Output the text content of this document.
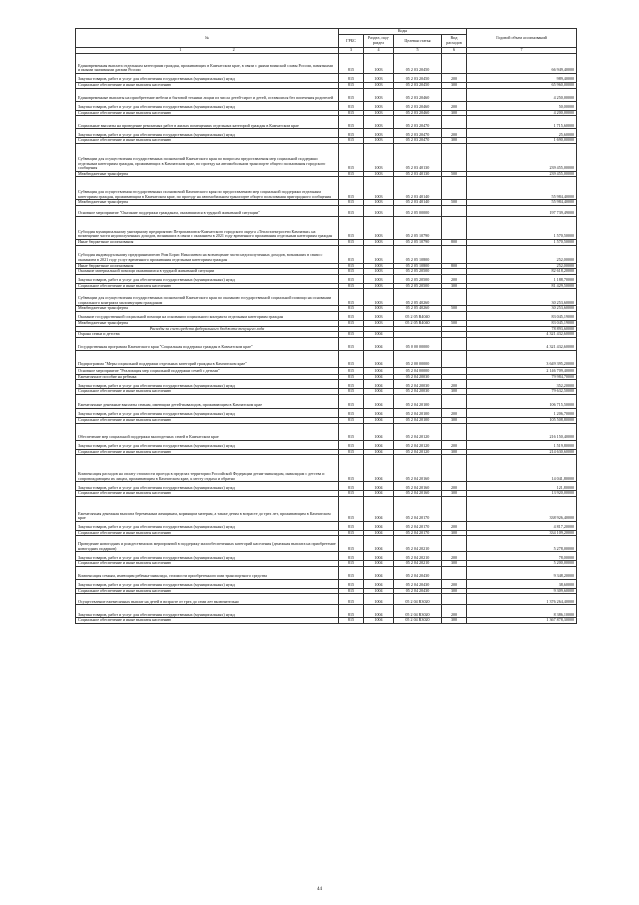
№	Коды				Годовой объем ассигнований
	ГРБС	Раздел, под-раздел	Целевая статья	Вид расходов	
1                                                  2	3	4	5	6	7
Единовременная выплата отдельным категориям граждан, проживающих в Камчатском крае, в связи с днями воинской славы России, памятными и иными значимыми датами России	815	1003	05 2 03 20450		66 949,40000
Закупка товаров, работ и услуг для обеспечения государственных (муниципальных) нужд	815	1003	05 2 03 20450	200	989,40000
Социальное обеспечение и иные выплаты населению	815	1003	05 2 03 20450	300	65 960,00000
Единовременные выплаты на приобретение мебели и бытовой техники лицам из числа детей-сирот и детей, оставшихся без попечения родителей	815	1003	05 2 03 20460		4 250,00000
Закупка товаров, работ и услуг для обеспечения государственных (муниципальных) нужд	815	1003	05 2 03 20460	200	50,00000
Социальное обеспечение и иные выплаты населению	815	1003	05 2 03 20460	300	4 200,00000
Социальные выплаты на проведение ремонтных работ в жилых помещениях отдельных категорий граждан в Камчатском крае	815	1003	05 2 03 20470		1 715,60000
Закупка товаров, работ и услуг для обеспечения государственных (муниципальных) нужд	815	1003	05 2 03 20470	200	25,60000
Социальное обеспечение и иные выплаты населению	815	1003	05 2 03 20470	300	1 690,00000
Субвенции для осуществления государственных полномочий Камчатского края по вопросам предоставления мер социальной поддержки отдельным категориям граждан, проживающих в Камчатском крае, по проезду на автомобильном транспорте общего пользования городского сообщения	815	1003	05 2 03 40130		239 455,00000
Межбюджетные трансферты	815	1003	05 2 03 40130	500	239 455,00000
Субвенция для осуществления государственных полномочий Камчатского края по предоставлению мер социальной поддержки отдельным категориям граждан, проживающим в Камчатском крае, по проезду на автомобильном транспорте общего пользования пригородного сообщения	815	1003	05 2 03 40140		55 984,40000
Межбюджетные трансферты	815	1003	05 2 03 40140	500	55 984,40000
Основное мероприятие "Оказание поддержки гражданам, оказавшимся в трудной жизненной ситуации"	815	1003	05 2 05 00000		197 739,49000
Субсидия муниципальному унитарному предприятию Петропавловск-Камчатского городского округа «Теплоэлектросети Камчатки» на возмещение части недополученных доходов, возникших в связи с оказанием в 2021 году временного проживания отдельным категориям граждан	815	1003	05 2 05 10790		1 570,50000
Иные бюджетные ассигнования	815	1003	05 2 05 10790	800	1 570,50000
Субсидия индивидуальному предпринимателю Рим Борис Николаевич на возмещение части недополученных доходов, возникших в связи с оказанием в 2021 году услуг временного проживания отдельным категориям граждан	815	1003	05 2 05 10800		252,00000
Иные бюджетные ассигнования	815	1003	05 2 05 10800	800	252,00000
Оказание материальной помощи оказавшимся в трудной жизненной ситуации	815	1003	05 2 05 20500		82 618,20000
Закупка товаров, работ и услуг для обеспечения государственных (муниципальных) нужд	815	1003	05 2 05 20500	200	1 188,70000
Социальное обеспечение и иные выплаты населению	815	1003	05 2 05 20500	300	81 429,50000
Субвенции для осуществления государственных полномочий Камчатского края по оказанию государственной социальной помощи на основании социального контракта малоимущим гражданам	815	1003	05 2 05 40260		30 253,60000
Межбюджетные трансферты	815	1003	05 2 05 40260	500	30 253,60000
Оказание государственной социальной помощи на основании социального контракта отдельным категориям граждан	815	1003	05 2 05 R4040		83 045,19000
Межбюджетные трансферты	815	1003	05 2 05 R4040	500	83 045,19000
Расходы за счет средств федерального бюджета текущего года					78 893,60000
Охрана семьи и детства	815	1004			4 321 432,60000
Государственная программа Камчатского края "Социальная поддержка граждан в Камчатском крае"	815	1004	05 0 00 00000		4 321 432,60000
Подпрограмма "Меры социальной поддержки отдельных категорий граждан в Камчатском крае"	815	1004	05 2 00 00000		3 649 395,20000
Основное мероприятие "Реализация мер социальной поддержки семей с детьми"	815	1004	05 2 04 00000		2 146 709,40000
Ежемесячное пособие на ребенка	815	1004	05 2 04 20030		79 984,70000
Закупка товаров, работ и услуг для обеспечения государственных (муниципальных) нужд	815	1004	05 2 04 20030	200	352,20000
Социальное обеспечение и иные выплаты населению	815	1004	05 2 04 20030	300	79 632,50000
Ежемесячные денежные выплаты семьям, имеющим детей-инвалидов, проживающим в Камчатском крае	815	1004	05 2 04 20100		106 715,50000
Закупка товаров, работ и услуг для обеспечения государственных (муниципальных) нужд	815	1004	05 2 04 20100	200	1 206,70000
Социальное обеспечение и иные выплаты населению	815	1004	05 2 04 20100	300	105 508,80000
Обеспечение мер социальной поддержки многодетных семей в Камчатском крае	815	1004	05 2 04 20120		216 150,40000
Закупка товаров, работ и услуг для обеспечения государственных (муниципальных) нужд	815	1004	05 2 04 20120	200	1 519,80000
Социальное обеспечение и иные выплаты населению	815	1004	05 2 04 20120	300	214 630,60000
Компенсация расходов на оплату стоимости проезда в пределах территории Российской Федерации детям-инвалидам, инвалидам с детства и сопровождающим их лицам, проживающим в Камчатском крае, к месту отдыха и обратно	815	1004	05 2 04 20160		14 041,80000
Закупка товаров, работ и услуг для обеспечения государственных (муниципальных) нужд	815	1004	05 2 04 20160	200	121,80000
Социальное обеспечение и иные выплаты населению	815	1004	05 2 04 20160	300	13 920,00000
Ежемесячная денежная выплата беременным женщинам, кормящим матерям, а также детям в возрасте до трех лет, проживающим в Камчатском крае	815	1004	05 2 04 20170		338 926,40000
Закупка товаров, работ и услуг для обеспечения государственных (муниципальных) нужд	815	1004	05 2 04 20170	200	4 817,20000
Социальное обеспечение и иные выплаты населению	815	1004	05 2 04 20170	300	334 109,20000
Проведение новогодних и рождественских мероприятий в поддержку малообеспеченных категорий населения (денежная выплата на приобретение новогодних подарков)	815	1004	05 2 04 20210		5 278,00000
Закупка товаров, работ и услуг для обеспечения государственных (муниципальных) нужд	815	1004	05 2 04 20210	200	78,00000
Социальное обеспечение и иные выплаты населению	815	1004	05 2 04 20210	300	5 200,00000
Компенсация семьям, имеющим ребенка-инвалида, стоимости приобретенного ими транспортного средства	815	1004	05 2 04 20430		9 348,20000
Закупка товаров, работ и услуг для обеспечения государственных (муниципальных) нужд	815	1004	05 2 04 20430	200	38,60000
Социальное обеспечение и иные выплаты населению	815	1004	05 2 04 20430	300	9 309,60000
Осуществление ежемесячных выплат на детей в возрасте от трех до семи лет включительно	815	1004	05 2 04 R3020		1 376 264,40000
Закупка товаров, работ и услуг для обеспечения государственных (муниципальных) нужд	815	1004	05 2 04 R3020	200	8 386,10000
Социальное обеспечение и иные выплаты населению	815	1004	05 2 04 R3020	300	1 367 878,30000
44
